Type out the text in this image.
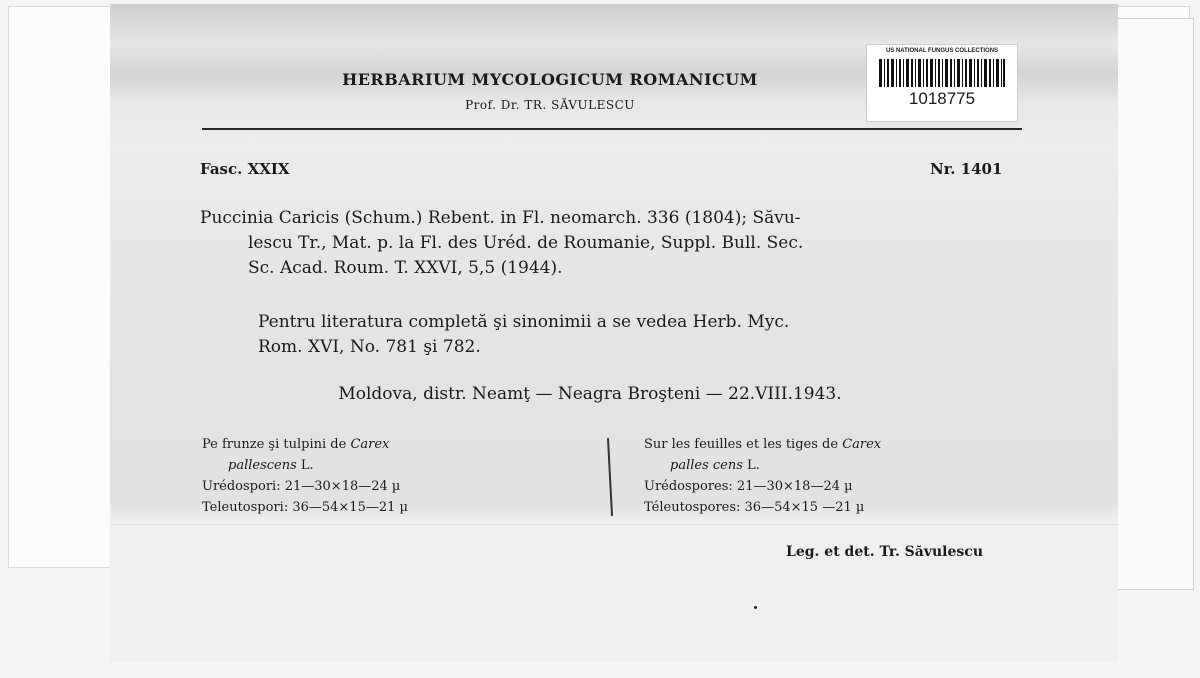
HERBARIUM MYCOLOGICUM ROMANICUM
Prof. Dr. TR. SĂVULESCU
US NATIONAL FUNGUS COLLECTIONS
1018775
Fasc. XXIX	Nr. 1401
Puccinia Caricis (Schum.) Rebent. in Fl. neomarch. 336 (1804); Săvu-
lescu Tr., Mat. p. la Fl. des Uréd. de Roumanie, Suppl. Bull. Sec.
Sc. Acad. Roum. T. XXVI, 5,5 (1944).
Pentru literatura completă şi sinonimii a se vedea Herb. Myc.
Rom. XVI, No. 781 şi 782.
Moldova, distr. Neamţ — Neagra Broşteni — 22.VIII.1943.
Pe frunze şi tulpini de Carex
pallescens L.
Urédospori: 21—30×18—24 µ
Teleutospori: 36—54×15—21 µ
Sur les feuilles et les tiges de Carex
palles cens L.
Urédospores: 21—30×18—24 µ
Téleutospores: 36—54×15 —21 µ
Leg. et det. Tr. Săvulescu
